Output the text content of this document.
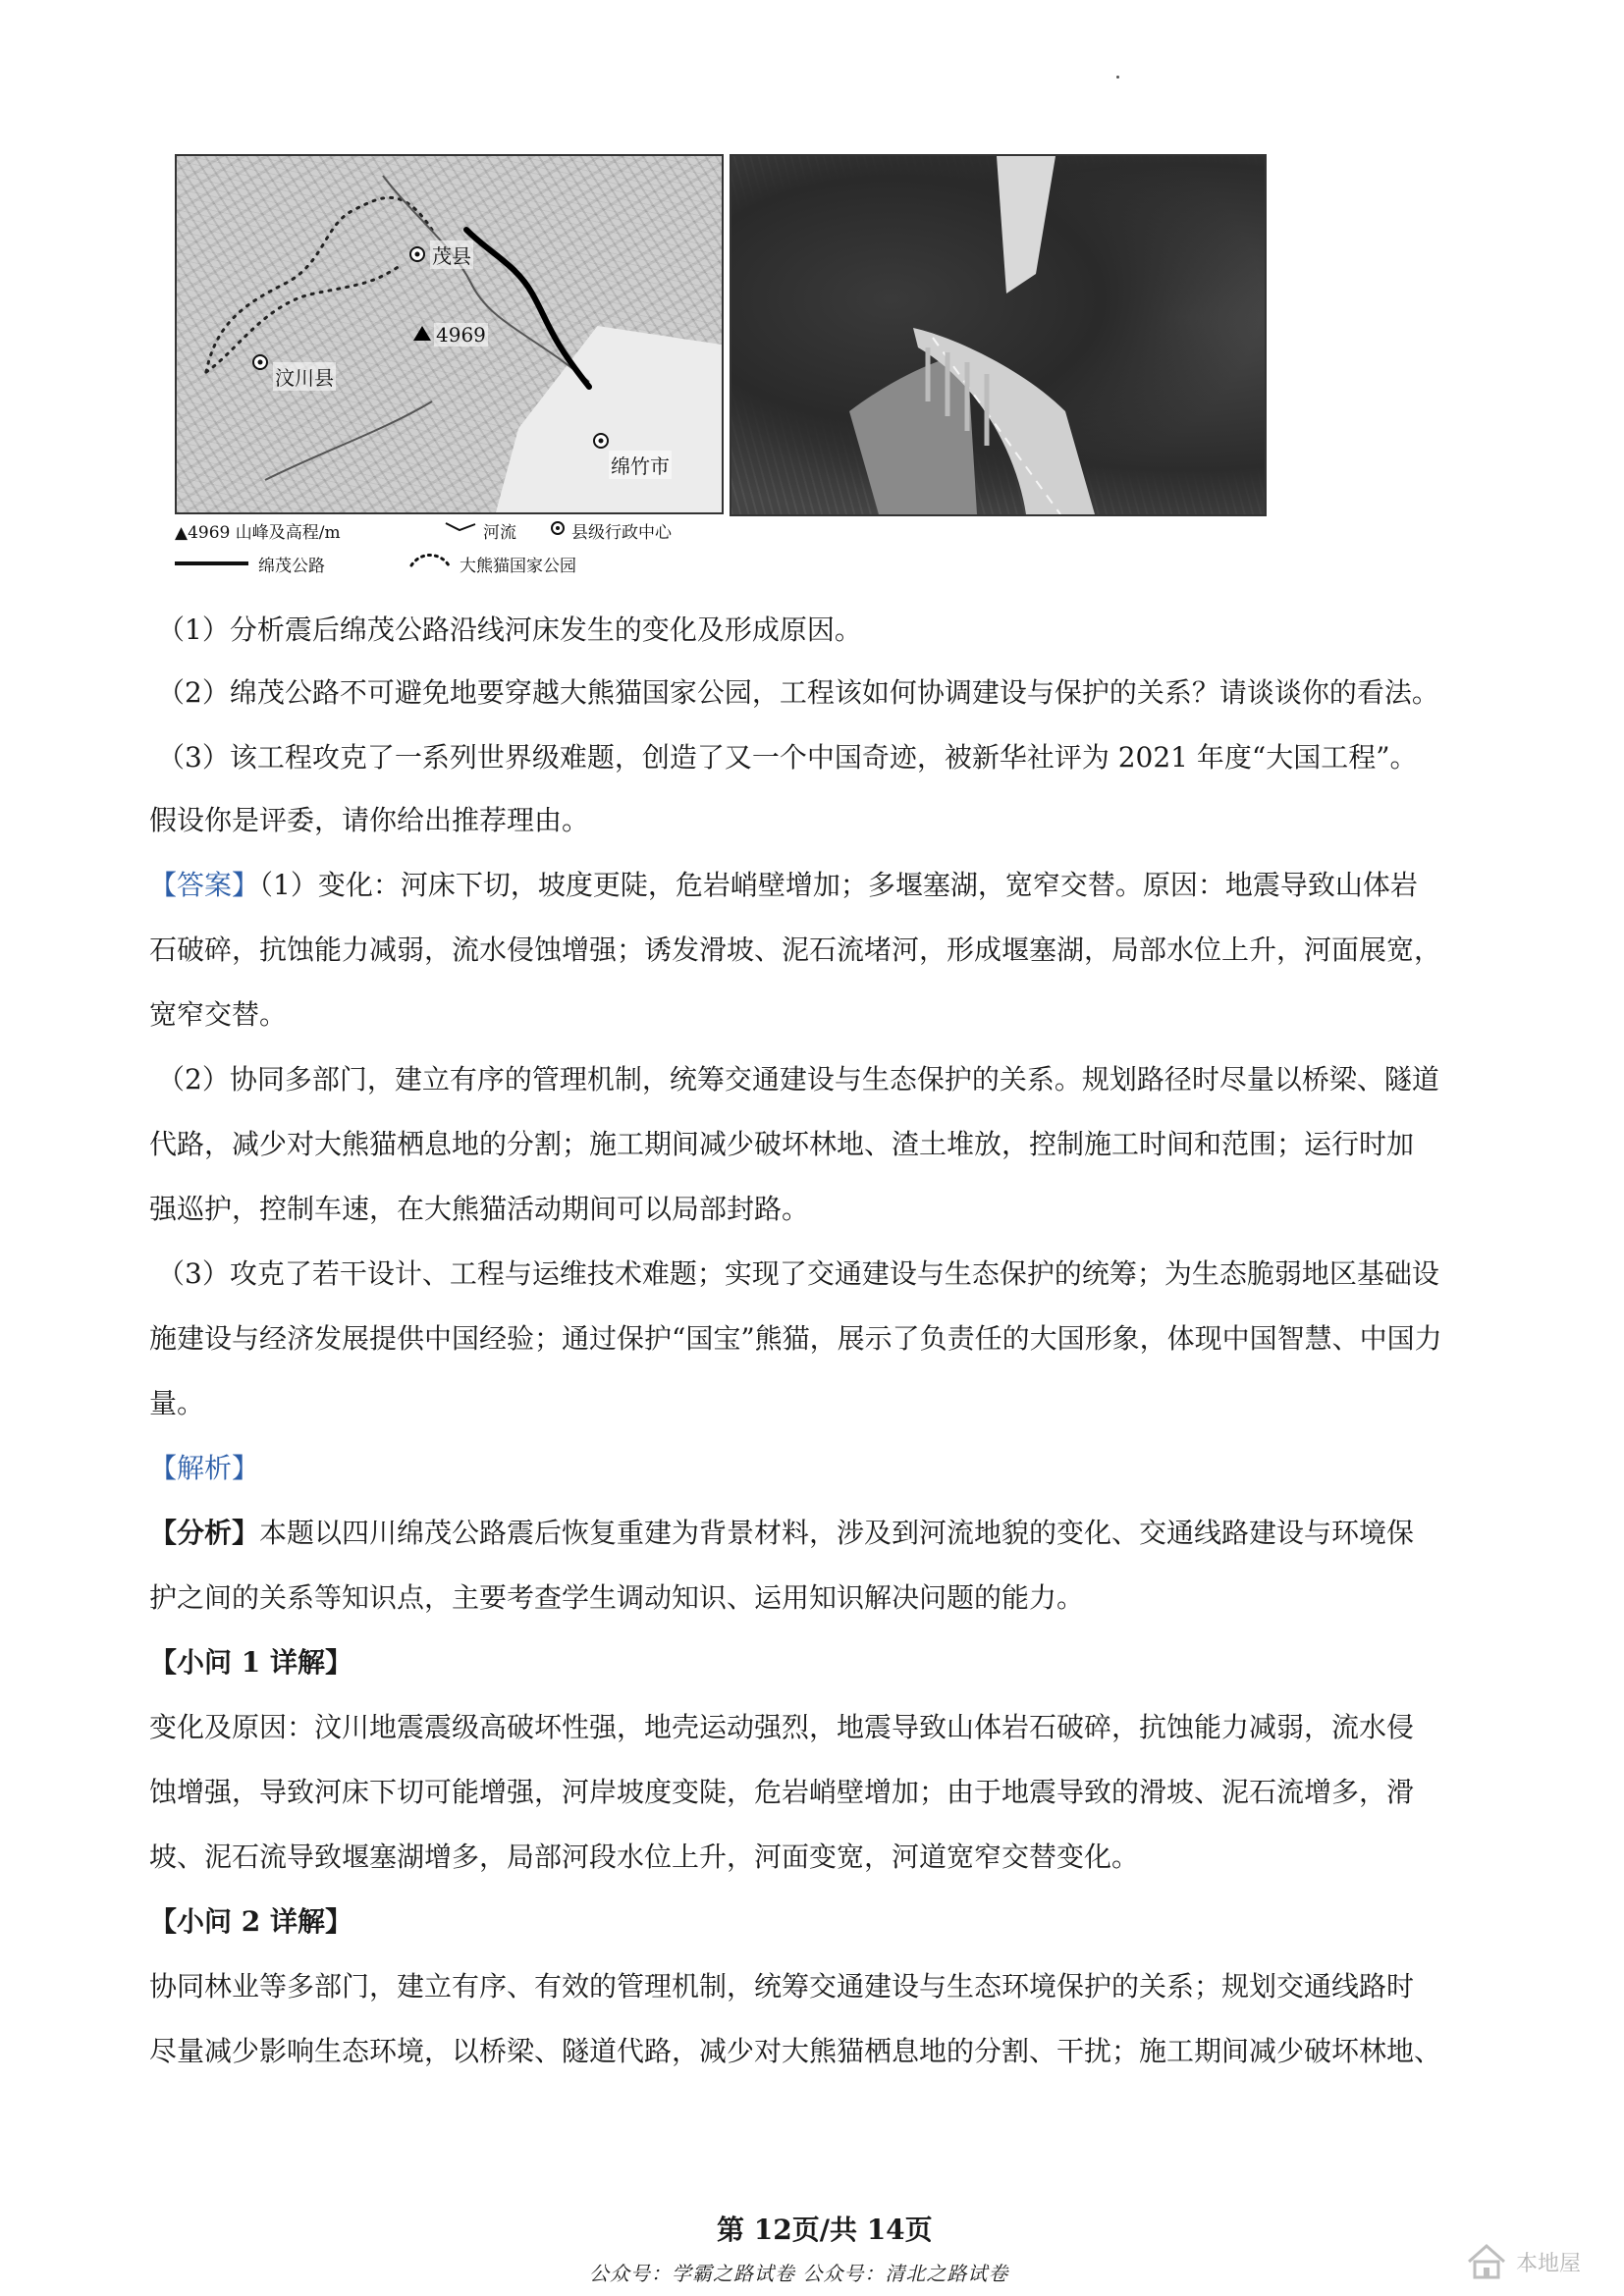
茂县
4969
汶川县
绵竹市
▲4969 山峰及高程/m	河流	县级行政中心
绵茂公路	大熊猫国家公园
（1）分析震后绵茂公路沿线河床发生的变化及形成原因。
（2）绵茂公路不可避免地要穿越大熊猫国家公园，工程该如何协调建设与保护的关系？请谈谈你的看法。
（3）该工程攻克了一系列世界级难题，创造了又一个中国奇迹，被新华社评为 2021 年度“大国工程”。
假设你是评委，请你给出推荐理由。
【答案】（1）变化：河床下切，坡度更陡，危岩峭壁增加；多堰塞湖，宽窄交替。原因：地震导致山体岩
石破碎，抗蚀能力减弱，流水侵蚀增强；诱发滑坡、泥石流堵河，形成堰塞湖，局部水位上升，河面展宽，
宽窄交替。
（2）协同多部门，建立有序的管理机制，统筹交通建设与生态保护的关系。规划路径时尽量以桥梁、隧道
代路，减少对大熊猫栖息地的分割；施工期间减少破坏林地、渣土堆放，控制施工时间和范围；运行时加
强巡护，控制车速，在大熊猫活动期间可以局部封路。
（3）攻克了若干设计、工程与运维技术难题；实现了交通建设与生态保护的统筹；为生态脆弱地区基础设
施建设与经济发展提供中国经验；通过保护“国宝”熊猫，展示了负责任的大国形象，体现中国智慧、中国力
量。
【解析】
【分析】本题以四川绵茂公路震后恢复重建为背景材料，涉及到河流地貌的变化、交通线路建设与环境保
护之间的关系等知识点，主要考查学生调动知识、运用知识解决问题的能力。
【小问 1 详解】
变化及原因：汶川地震震级高破坏性强，地壳运动强烈，地震导致山体岩石破碎，抗蚀能力减弱，流水侵
蚀增强，导致河床下切可能增强，河岸坡度变陡，危岩峭壁增加；由于地震导致的滑坡、泥石流增多，滑
坡、泥石流导致堰塞湖增多，局部河段水位上升，河面变宽，河道宽窄交替变化。
【小问 2 详解】
协同林业等多部门，建立有序、有效的管理机制，统筹交通建设与生态环境保护的关系；规划交通线路时
尽量减少影响生态环境，以桥梁、隧道代路，减少对大熊猫栖息地的分割、干扰；施工期间减少破坏林地、
第 12页/共 14页
公众号：学霸之路试卷 公众号：清北之路试卷	本地屋
